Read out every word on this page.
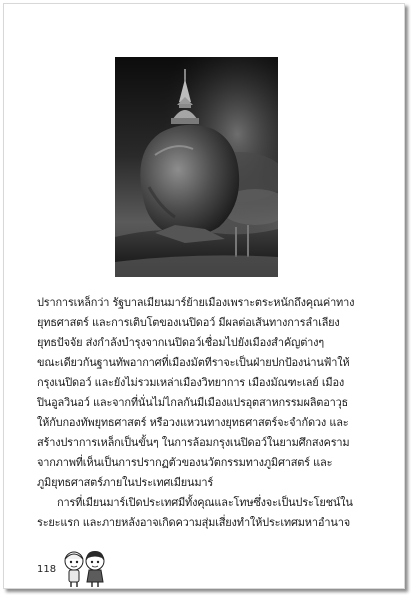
ปราการเหล็กว่า รัฐบาลเมียนมาร์ย้ายเมืองเพราะตระหนักถึงคุณค่าทาง
ยุทธศาสตร์ และการเติบโตของเนปิดอว์ มีผลต่อเส้นทางการลำเลียง
ยุทธปัจจัย ส่งกำลังบำรุงจากเนปิดอว์เชื่อมไปยังเมืองสำคัญต่างๆ
ขณะเดียวกันฐานทัพอากาศที่เมืองมัตทีราจะเป็นฝ่ายปกป้องน่านฟ้าให้
กรุงเนปิดอว์ และยังไม่รวมเหล่าเมืองวิทยาการ เมืองมัณฑะเลย์ เมือง
ปินอูลวินอว์ และจากที่นั่นไม่ไกลกันมีเมืองแปรอุตสาหกรรมผลิตอาวุธ
ให้กับกองทัพยุทธศาสตร์ หรือวงแหวนทางยุทธศาสตร์จะจำกัดวง และ
สร้างปราการเหล็กเป็นขั้นๆ ในการล้อมกรุงเนปิดอว์ในยามศึกสงคราม
จากภาพที่เห็นเป็นการปรากฏตัวของนวัตกรรมทางภูมิศาสตร์ และ
ภูมิยุทธศาสตร์ภายในประเทศเมียนมาร์
การที่เมียนมาร์เปิดประเทศมีทั้งคุณและโทษซึ่งจะเป็นประโยชน์ใน
ระยะแรก และภายหลังอาจเกิดความสุ่มเสี่ยงทำให้ประเทศมหาอำนาจ
118
